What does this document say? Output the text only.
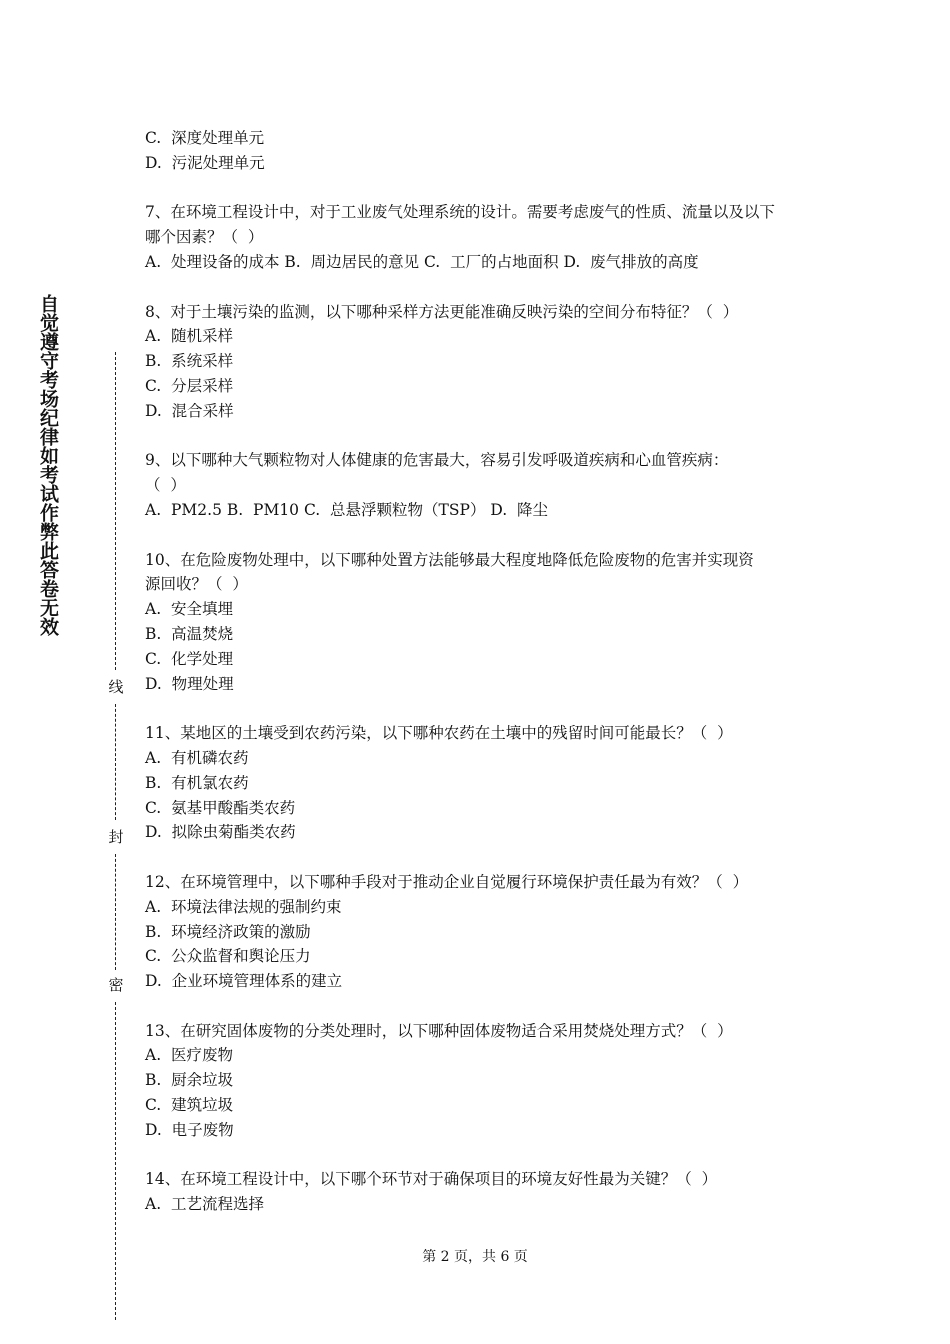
自觉遵守考场纪律如考试作弊此答卷无效
线
封
密
C.  深度处理单元
D.  污泥处理单元
7、在环境工程设计中，对于工业废气处理系统的设计。需要考虑废气的性质、流量以及以下
哪个因素？（  ）
A.  处理设备的成本 B.  周边居民的意见 C.  工厂的占地面积 D.  废气排放的高度
8、对于土壤污染的监测，以下哪种采样方法更能准确反映污染的空间分布特征？（  ）
A.  随机采样
B.  系统采样
C.  分层采样
D.  混合采样
9、以下哪种大气颗粒物对人体健康的危害最大，容易引发呼吸道疾病和心血管疾病：
（  ）
A.  PM2.5 B.  PM10 C.  总悬浮颗粒物（TSP） D.  降尘
10、在危险废物处理中，以下哪种处置方法能够最大程度地降低危险废物的危害并实现资
源回收？（  ）
A.  安全填埋
B.  高温焚烧
C.  化学处理
D.  物理处理
11、某地区的土壤受到农药污染，以下哪种农药在土壤中的残留时间可能最长？（  ）
A.  有机磷农药
B.  有机氯农药
C.  氨基甲酸酯类农药
D.  拟除虫菊酯类农药
12、在环境管理中，以下哪种手段对于推动企业自觉履行环境保护责任最为有效？（  ）
A.  环境法律法规的强制约束
B.  环境经济政策的激励
C.  公众监督和舆论压力
D.  企业环境管理体系的建立
13、在研究固体废物的分类处理时，以下哪种固体废物适合采用焚烧处理方式？（  ）
A.  医疗废物
B.  厨余垃圾
C.  建筑垃圾
D.  电子废物
14、在环境工程设计中，以下哪个环节对于确保项目的环境友好性最为关键？（  ）
A.  工艺流程选择
第 2 页，共 6 页
